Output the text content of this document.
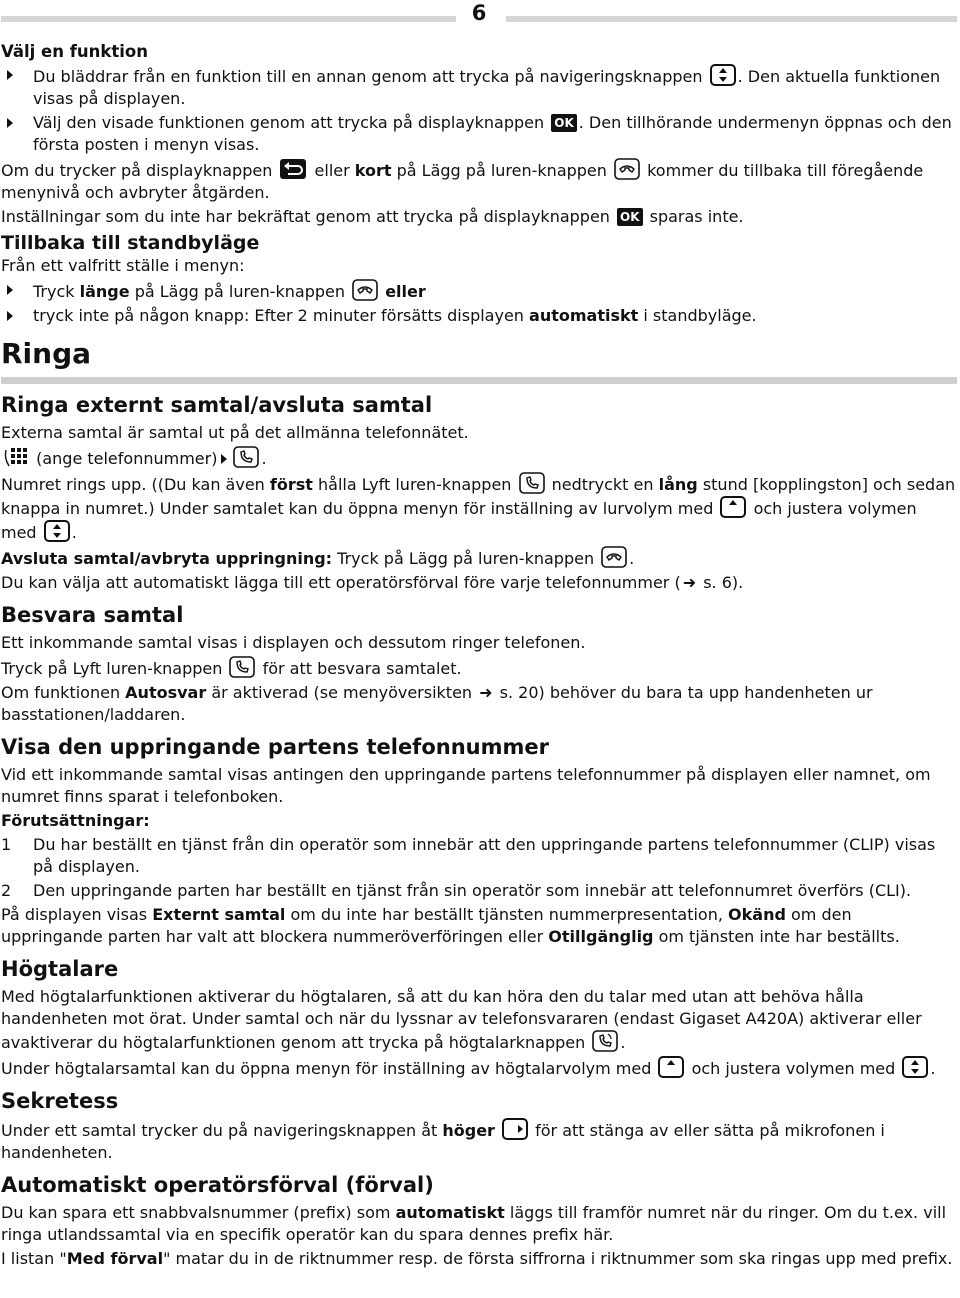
6
Välj en funktion
Du bläddrar från en funktion till en annan genom att trycka på navigeringsknappen . Den aktuella funktionen visas på displayen.
Välj den visade funktionen genom att trycka på displayknappen OK . Den tillhörande undermenyn öppnas och den första posten i menyn visas.

Om du trycker på displayknappen	eller kort på Lägg på luren-knappen	kommer du tillbaka till föregående menynivå och avbryter åtgärden.

Inställningar som du inte har bekräftat genom att trycka på displayknappen OK sparas inte.

Tillbaka till standbyläge

Från ett valfritt ställe i menyn:

Tryck länge på Lägg på luren-knappen	eller
tryck inte på någon knapp: Efter 2 minuter försätts displayen automatiskt i standbyläge.
Ringa
Ringa externt samtal/avsluta samtal

Externa samtal är samtal ut på det allmänna telefonnätet.

(ange telefonnummer)	.

Numret rings upp. ((Du kan även först hålla Lyft luren-knappen	nedtryckt en lång stund [kopplingston] och sedan knappa in numret.) Under samtalet kan du öppna menyn för inställning av lurvolym med	och justera volymen med .

Avsluta samtal/avbryta uppringning: Tryck på Lägg på luren-knappen .

Du kan välja att automatiskt lägga till ett operatörsförval före varje telefonnummer ( ➜ s. 6).

Besvara samtal

Ett inkommande samtal visas i displayen och dessutom ringer telefonen.

Tryck på Lyft luren-knappen	för att besvara samtalet.

Om funktionen Autosvar är aktiverad (se menyöversikten ➜ s. 20) behöver du bara ta upp handenheten ur basstationen/laddaren.

Visa den uppringande partens telefonnummer

Vid ett inkommande samtal visas antingen den uppringande partens telefonnummer på displayen eller namnet, om numret finns sparat i telefonboken.

Förutsättningar:

1 Du har beställt en tjänst från din operatör som innebär att den uppringande partens telefonnummer (CLIP) visas på displayen.
2 Den uppringande parten har beställt en tjänst från sin operatör som innebär att telefonnumret överförs (CLI).

På displayen visas Externt samtal om du inte har beställt tjänsten nummerpresentation, Okänd om den uppringande parten har valt att blockera nummeröverföringen eller Otillgänglig om tjänsten inte har beställts.

Högtalare

Med högtalarfunktionen aktiverar du högtalaren, så att du kan höra den du talar med utan att behöva hålla handenheten mot örat. Under samtal och när du lyssnar av telefonsvararen (endast Gigaset A420A) aktiverar eller avaktiverar du högtalarfunktionen genom att trycka på högtalarknappen .

Under högtalarsamtal kan du öppna menyn för inställning av högtalarvolym med	och justera volymen med .

Sekretess

Under ett samtal trycker du på navigeringsknappen åt höger	för att stänga av eller sätta på mikrofonen i handenheten.

Automatiskt operatörsförval (förval)

Du kan spara ett snabbvalsnummer (prefix) som automatiskt läggs till framför numret när du ringer. Om du t.ex. vill ringa utlandssamtal via en specifik operatör kan du spara dennes prefix här.

I listan "Med förval" matar du in de riktnummer resp. de första siffrorna i riktnummer som ska ringas upp med prefix.
